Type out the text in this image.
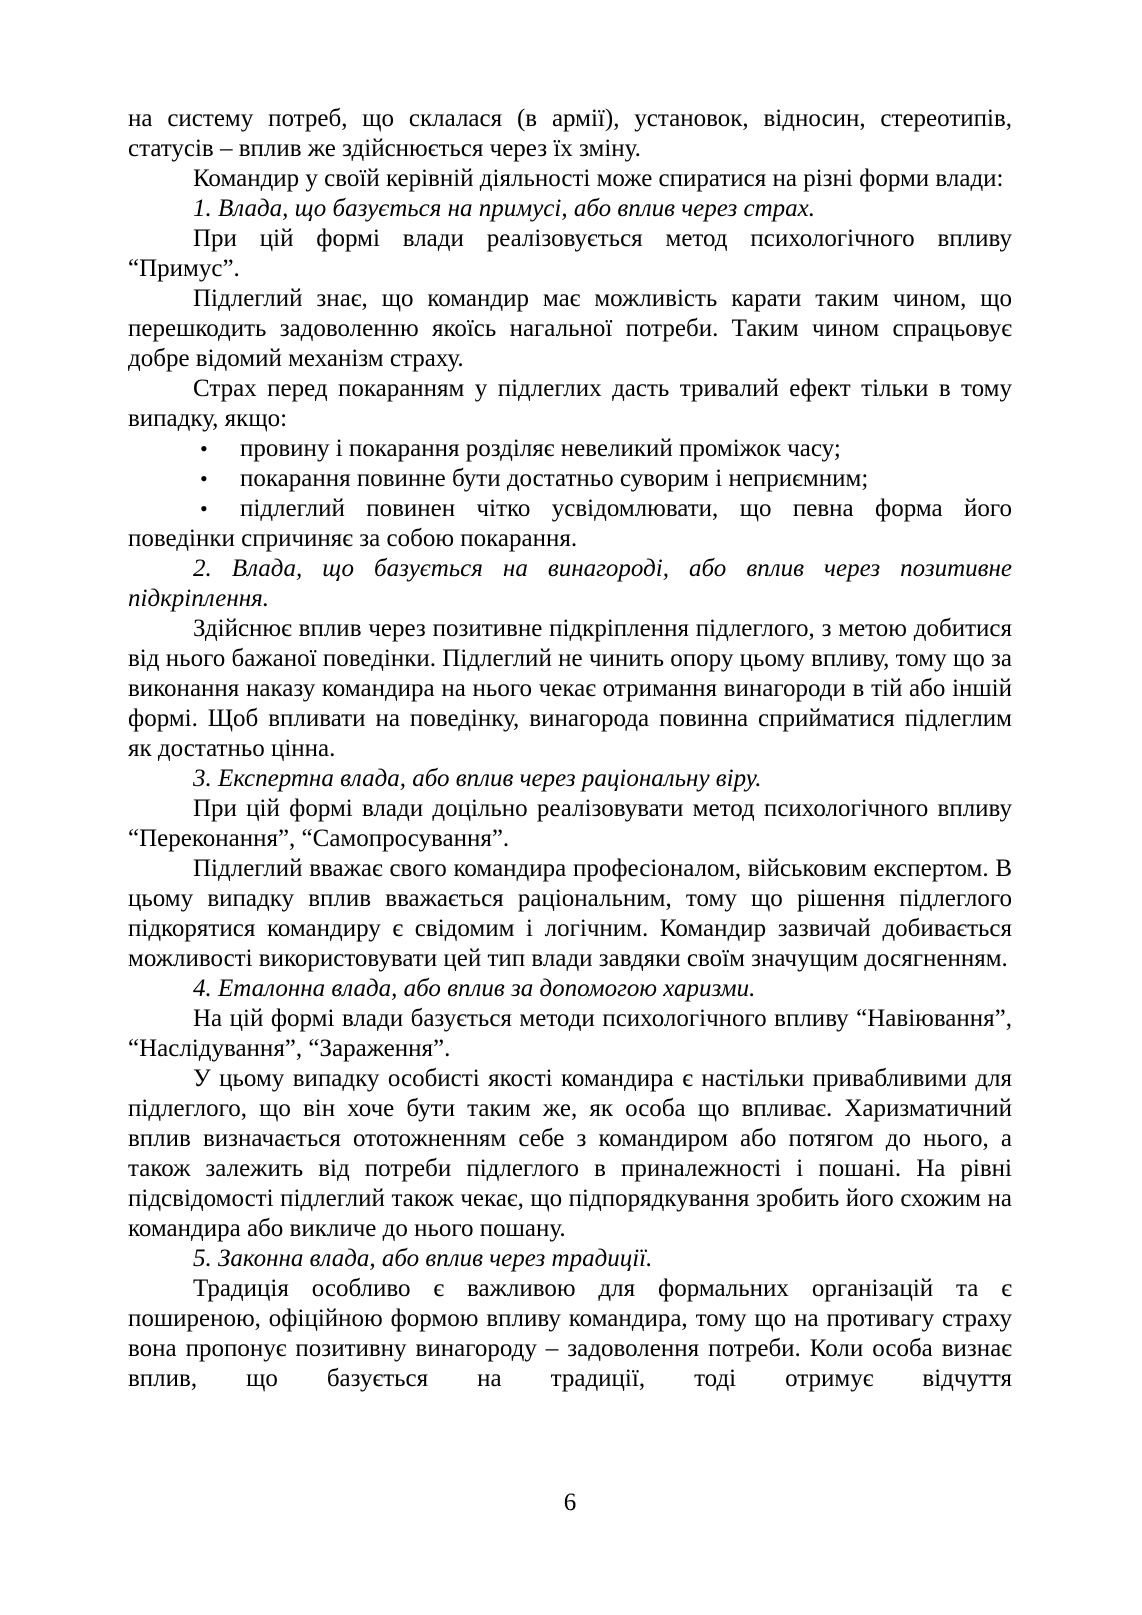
на систему потреб, що склалася (в армії), установок, відносин, стереотипів, статусів – вплив же здійснюється через їх зміну.

Командир у своїй керівній діяльності може спиратися на різні форми влади:

1. Влада, що базується на примусі, або вплив через страх.

При цій формі влади реалізовується метод психологічного впливу “Примус”.

Підлеглий знає, що командир має можливість карати таким чином, що перешкодить задоволенню якоїсь нагальної потреби. Таким чином спрацьовує добре відомий механізм страху.

Страх перед покаранням у підлеглих дасть тривалий ефект тільки в тому випадку, якщо:

• провину і покарання розділяє невеликий проміжок часу;

• покарання повинне бути достатньо суворим і неприємним;

• підлеглий повинен чітко усвідомлювати, що певна форма його поведінки спричиняє за собою покарання.

2. Влада, що базується на винагороді, або вплив через позитивне підкріплення.

Здійснює вплив через позитивне підкріплення підлеглого, з метою добитися від нього бажаної поведінки. Підлеглий не чинить опору цьому впливу, тому що за виконання наказу командира на нього чекає отримання винагороди в тій або іншій формі. Щоб впливати на поведінку, винагорода повинна сприйматися підлеглим як достатньо цінна.

3. Експертна влада, або вплив через раціональну віру.

При цій формі влади доцільно реалізовувати метод психологічного впливу “Переконання”, “Самопросування”.

Підлеглий вважає свого командира професіоналом, військовим експертом. В цьому випадку вплив вважається раціональним, тому що рішення підлеглого підкорятися командиру є свідомим і логічним. Командир зазвичай добивається можливості використовувати цей тип влади завдяки своїм значущим досягненням.

4. Еталонна влада, або вплив за допомогою харизми.

На цій формі влади базується методи психологічного впливу “Навіювання”, “Наслідування”, “Зараження”.

У цьому випадку особисті якості командира є настільки привабливими для підлеглого, що він хоче бути таким же, як особа що впливає. Харизматичний вплив визначається ототожненням себе з командиром або потягом до нього, а також залежить від потреби підлеглого в приналежності і пошані. На рівні підсвідомості підлеглий також чекає, що підпорядкування зробить його схожим на командира або викличе до нього пошану.

5. Законна влада, або вплив через традиції.

Традиція особливо є важливою для формальних організацій та є поширеною, офіційною формою впливу командира, тому що на противагу страху вона пропонує позитивну винагороду – задоволення потреби. Коли особа визнає вплив, що базується на традиції, тоді отримує відчуття

6
